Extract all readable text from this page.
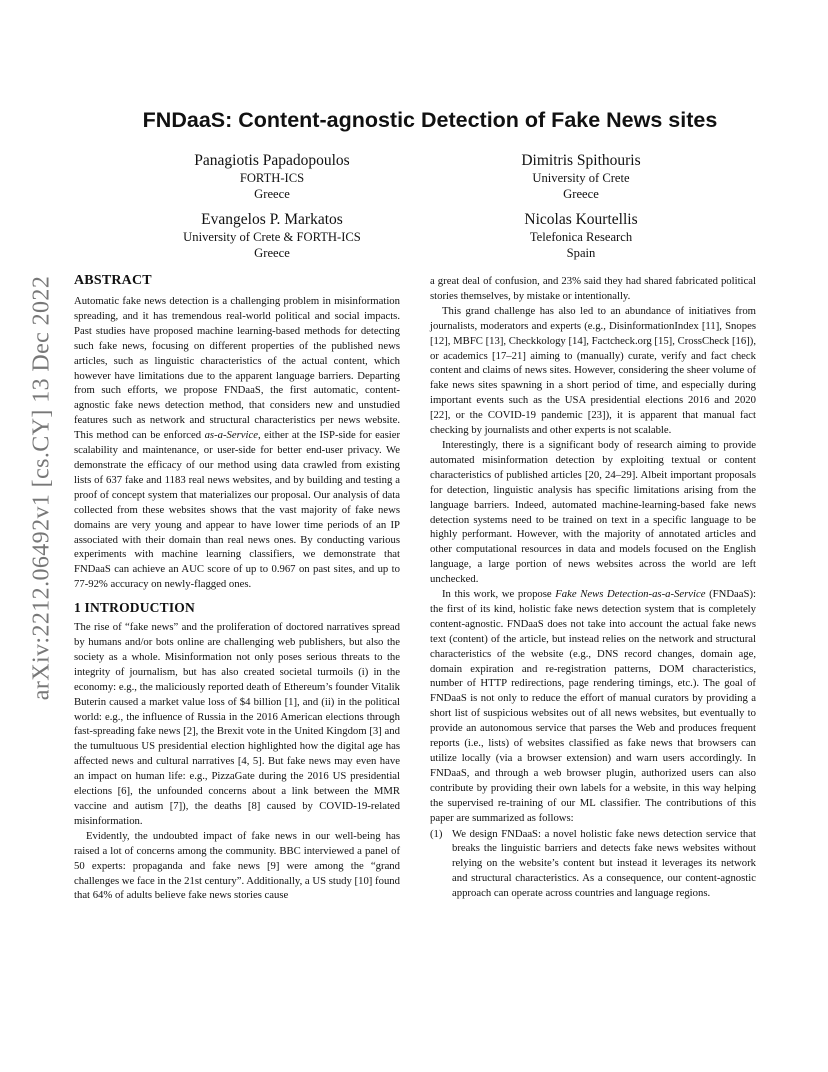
arXiv:2212.06492v1 [cs.CY] 13 Dec 2022
FNDaaS: Content-agnostic Detection of Fake News sites
Panagiotis Papadopoulos
FORTH-ICS
Greece
Dimitris Spithouris
University of Crete
Greece
Evangelos P. Markatos
University of Crete & FORTH-ICS
Greece
Nicolas Kourtellis
Telefonica Research
Spain
ABSTRACT

Automatic fake news detection is a challenging problem in misinformation spreading, and it has tremendous real-world political and social impacts. Past studies have proposed machine learning-based methods for detecting such fake news, focusing on different properties of the published news articles, such as linguistic characteristics of the actual content, which however have limitations due to the apparent language barriers. Departing from such efforts, we propose FNDaaS, the first automatic, content-agnostic fake news detection method, that considers new and unstudied features such as network and structural characteristics per news website. This method can be enforced as-a-Service, either at the ISP-side for easier scalability and maintenance, or user-side for better end-user privacy. We demonstrate the efficacy of our method using data crawled from existing lists of 637 fake and 1183 real news websites, and by building and testing a proof of concept system that materializes our proposal. Our analysis of data collected from these websites shows that the vast majority of fake news domains are very young and appear to have lower time periods of an IP associated with their domain than real news ones. By conducting various experiments with machine learning classifiers, we demonstrate that FNDaaS can achieve an AUC score of up to 0.967 on past sites, and up to 77-92% accuracy on newly-flagged ones.

1 INTRODUCTION

The rise of “fake news” and the proliferation of doctored narratives spread by humans and/or bots online are challenging web publishers, but also the society as a whole. Misinformation not only poses serious threats to the integrity of journalism, but has also created societal turmoils (i) in the economy: e.g., the maliciously reported death of Ethereum’s founder Vitalik Buterin caused a market value loss of $4 billion [1], and (ii) in the political world: e.g., the influence of Russia in the 2016 American elections through fast-spreading fake news [2], the Brexit vote in the United Kingdom [3] and the tumultuous US presidential election highlighted how the digital age has affected news and cultural narratives [4, 5]. But fake news may even have an impact on human life: e.g., PizzaGate during the 2016 US presidential elections [6], the unfounded concerns about a link between the MMR vaccine and autism [7]), the deaths [8] caused by COVID-19-related misinformation.

Evidently, the undoubted impact of fake news in our well-being has raised a lot of concerns among the community. BBC interviewed a panel of 50 experts: propaganda and fake news [9] were among the “grand challenges we face in the 21st century”. Additionally, a US study [10] found that 64% of adults believe fake news stories cause

a great deal of confusion, and 23% said they had shared fabricated political stories themselves, by mistake or intentionally.

This grand challenge has also led to an abundance of initiatives from journalists, moderators and experts (e.g., DisinformationIndex [11], Snopes [12], MBFC [13], Checkkology [14], Factcheck.org [15], CrossCheck [16]), or academics [17–21] aiming to (manually) curate, verify and fact check content and claims of news sites. However, considering the sheer volume of fake news sites spawning in a short period of time, and especially during important events such as the USA presidential elections 2016 and 2020 [22], or the COVID-19 pandemic [23]), it is apparent that manual fact checking by journalists and other experts is not scalable.

Interestingly, there is a significant body of research aiming to provide automated misinformation detection by exploiting textual or content characteristics of published articles [20, 24–29]. Albeit important proposals for detection, linguistic analysis has specific limitations arising from the language barriers. Indeed, automated machine-learning-based fake news detection systems need to be trained on text in a specific language to be highly performant. However, with the majority of annotated articles and other computational resources in data and models focused on the English language, a large portion of news websites across the world are left unchecked.

In this work, we propose Fake News Detection-as-a-Service (FNDaaS): the first of its kind, holistic fake news detection system that is completely content-agnostic. FNDaaS does not take into account the actual fake news text (content) of the article, but instead relies on the network and structural characteristics of the website (e.g., DNS record changes, domain age, domain expiration and re-registration patterns, DOM characteristics, number of HTTP redirections, page rendering timings, etc.). The goal of FNDaaS is not only to reduce the effort of manual curators by providing a short list of suspicious websites out of all news websites, but eventually to provide an autonomous service that parses the Web and produces frequent reports (i.e., lists) of websites classified as fake news that browsers can utilize locally (via a browser extension) and warn users accordingly. In FNDaaS, and through a web browser plugin, authorized users can also contribute by providing their own labels for a website, in this way helping the supervised re-training of our ML classifier. The contributions of this paper are summarized as follows:

(1) We design FNDaaS: a novel holistic fake news detection service that breaks the linguistic barriers and detects fake news websites without relying on the website’s content but instead it leverages its network and structural characteristics. As a consequence, our content-agnostic approach can operate across countries and language regions.
